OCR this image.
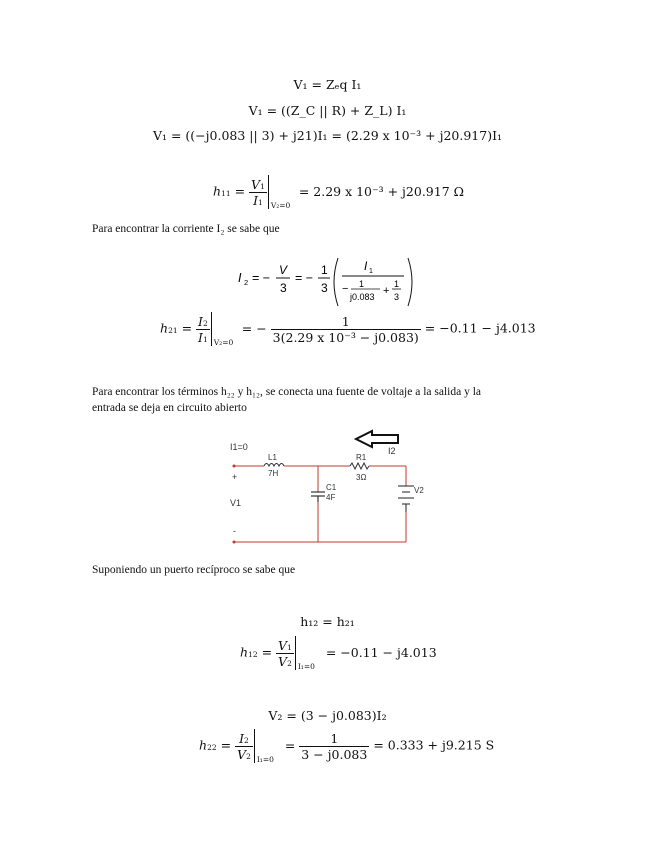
V₁ = Zₑq I₁
V₁ = ((Z_C || R) + Z_L) I₁
V₁ = ((−j0.083 || 3) + j21)I₁ = (2.29 x 10⁻³ + j20.917)I₁
$h11 = \frac{V1}{I1} V_2=0$
= 2.29 x 10⁻³ + j20.917 Ω
Para encontrar la corriente I₂ se sabe que
I 2 = −
V
3
= −
1
3
I 1
− 1
j0.083 +
1
3
$h21 = \frac{I2}{I1} V_2=0$
= − $\frac{1}{\text{3(2.29 x 10⁻³ − j0.083)}} = -0.11 - j4.013$
Para encontrar los términos h₂₂ y h₁₂, se conecta una fuente de voltaje a la salida y la
entrada se deja en circuito abierto
I1=0
L1
7H
R1
3Ω
I2
C1
4F
V1
V2
+
-
Suponiendo un puerto recíproco se sabe que
h₁₂ = h₂₁
$h12 = \frac{V1}{V2} I_1=0$
= −0.11 − j4.013
V₂ = (3 − j0.083)I₂
$h22 = \frac{I2}{V2} I_1=0$
= $\frac{1}{3 - j0.083} = 0.333 + j9.215$ S
